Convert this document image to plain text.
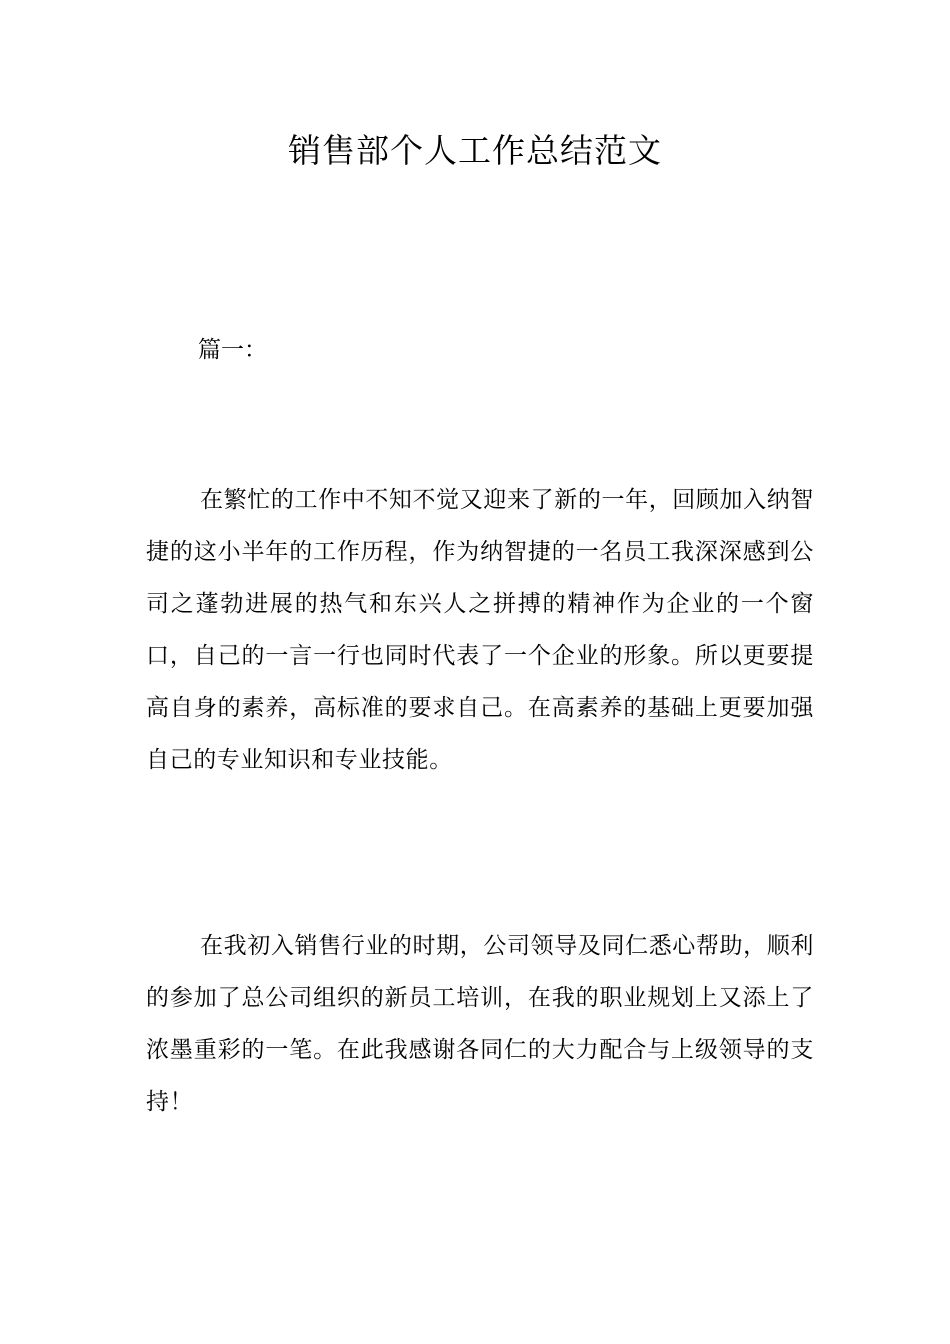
销售部个人工作总结范文

篇一：

在繁忙的工作中不知不觉又迎来了新的一年，回顾加入纳智捷的这小半年的工作历程，作为纳智捷的一名员工我深深感到公司之蓬勃进展的热气和东兴人之拼搏的精神作为企业的一个窗口，自己的一言一行也同时代表了一个企业的形象。所以更要提高自身的素养，高标准的要求自己。在高素养的基础上更要加强自己的专业知识和专业技能。

在我初入销售行业的时期，公司领导及同仁悉心帮助，顺利的参加了总公司组织的新员工培训，在我的职业规划上又添上了浓墨重彩的一笔。在此我感谢各同仁的大力配合与上级领导的支持！
